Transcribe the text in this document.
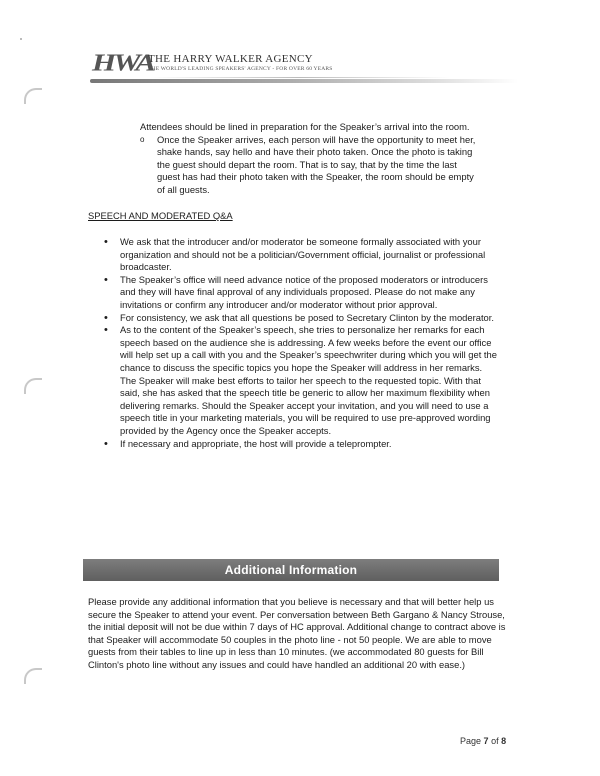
HWA
THE HARRY WALKER AGENCY
THE WORLD'S LEADING SPEAKERS' AGENCY - FOR OVER 60 YEARS
Attendees should be lined in preparation for the Speaker’s arrival into the room.
o Once the Speaker arrives, each person will have the opportunity to meet her, shake hands, say hello and have their photo taken. Once the photo is taking the guest should depart the room. That is to say, that by the time the last guest has had their photo taken with the Speaker, the room should be empty of all guests.
SPEECH AND MODERATED Q&A
• We ask that the introducer and/or moderator be someone formally associated with your organization and should not be a politician/Government official, journalist or professional broadcaster.
• The Speaker’s office will need advance notice of the proposed moderators or introducers and they will have final approval of any individuals proposed. Please do not make any invitations or confirm any introducer and/or moderator without prior approval.
• For consistency, we ask that all questions be posed to Secretary Clinton by the moderator.
• As to the content of the Speaker’s speech, she tries to personalize her remarks for each speech based on the audience she is addressing. A few weeks before the event our office will help set up a call with you and the Speaker’s speechwriter during which you will get the chance to discuss the specific topics you hope the Speaker will address in her remarks. The Speaker will make best efforts to tailor her speech to the requested topic. With that said, she has asked that the speech title be generic to allow her maximum flexibility when delivering remarks. Should the Speaker accept your invitation, and you will need to use a speech title in your marketing materials, you will be required to use pre-approved wording provided by the Agency once the Speaker accepts.
• If necessary and appropriate, the host will provide a teleprompter.
Additional Information
Please provide any additional information that you believe is necessary and that will better help us secure the Speaker to attend your event. Per conversation between Beth Gargano & Nancy Strouse, the initial deposit will not be due within 7 days of HC approval. Additional change to contract above is that Speaker will accommodate 50 couples in the photo line - not 50 people. We are able to move guests from their tables to line up in less than 10 minutes. (we accommodated 80 guests for Bill Clinton's photo line without any issues and could have handled an additional 20 with ease.)
Page 7 of 8
